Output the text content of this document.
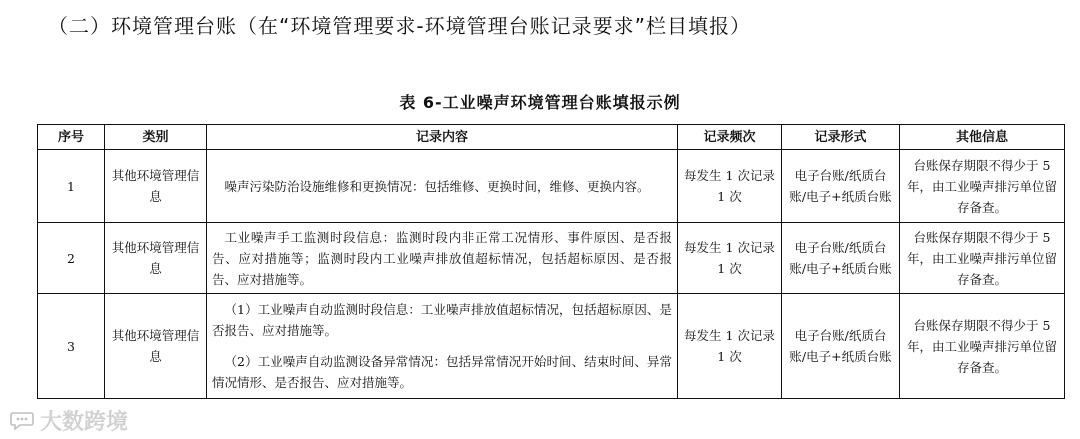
（二）环境管理台账（在“环境管理要求-环境管理台账记录要求”栏目填报）
表 6-工业噪声环境管理台账填报示例
序号	类别	记录内容	记录频次	记录形式	其他信息
1	其他环境管理信息	噪声污染防治设施维修和更换情况：包括维修、更换时间，维修、更换内容。	每发生 1 次记录 1 次	电子台账/纸质台账/电子+纸质台账	台账保存期限不得少于 5 年，由工业噪声排污单位留存备查。
2	其他环境管理信息	工业噪声手工监测时段信息：监测时段内非正常工况情形、事件原因、是否报告、应对措施等；监测时段内工业噪声排放值超标情况，包括超标原因、是否报告、应对措施等。	每发生 1 次记录 1 次	电子台账/纸质台账/电子+纸质台账	台账保存期限不得少于 5 年，由工业噪声排污单位留存备查。
3	其他环境管理信息	（1）工业噪声自动监测时段信息：工业噪声排放值超标情况，包括超标原因、是否报告、应对措施等。
（2）工业噪声自动监测设备异常情况：包括异常情况开始时间、结束时间、异常情况情形、是否报告、应对措施等。	每发生 1 次记录 1 次	电子台账/纸质台账/电子+纸质台账	台账保存期限不得少于 5 年，由工业噪声排污单位留存备查。
大数跨境
